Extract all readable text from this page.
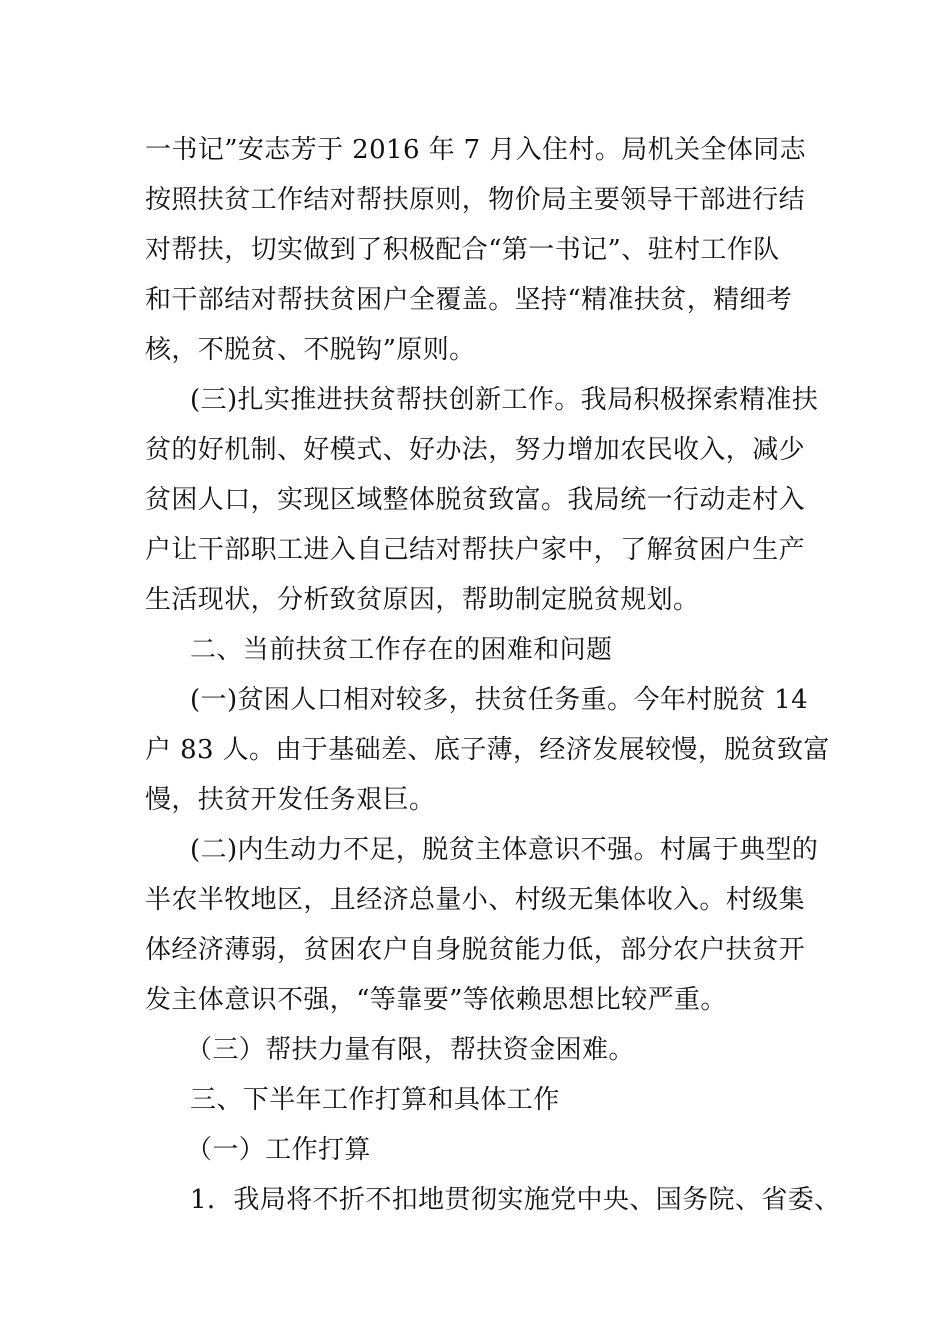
一书记”安志芳于 2016 年 7 月入住村。局机关全体同志
按照扶贫工作结对帮扶原则，物价局主要领导干部进行结
对帮扶，切实做到了积极配合“第一书记”、驻村工作队
和干部结对帮扶贫困户全覆盖。坚持“精准扶贫，精细考
核，不脱贫、不脱钩”原则。
(三)扎实推进扶贫帮扶创新工作。我局积极探索精准扶
贫的好机制、好模式、好办法，努力增加农民收入，减少
贫困人口，实现区域整体脱贫致富。我局统一行动走村入
户让干部职工进入自己结对帮扶户家中，了解贫困户生产
生活现状，分析致贫原因，帮助制定脱贫规划。
二、当前扶贫工作存在的困难和问题
(一)贫困人口相对较多，扶贫任务重。今年村脱贫 14
户 83 人。由于基础差、底子薄，经济发展较慢，脱贫致富
慢，扶贫开发任务艰巨。
(二)内生动力不足，脱贫主体意识不强。村属于典型的
半农半牧地区，且经济总量小、村级无集体收入。村级集
体经济薄弱，贫困农户自身脱贫能力低，部分农户扶贫开
发主体意识不强，“等靠要”等依赖思想比较严重。
（三）帮扶力量有限，帮扶资金困难。
三、下半年工作打算和具体工作
（一）工作打算
1．我局将不折不扣地贯彻实施党中央、国务院、省委、
